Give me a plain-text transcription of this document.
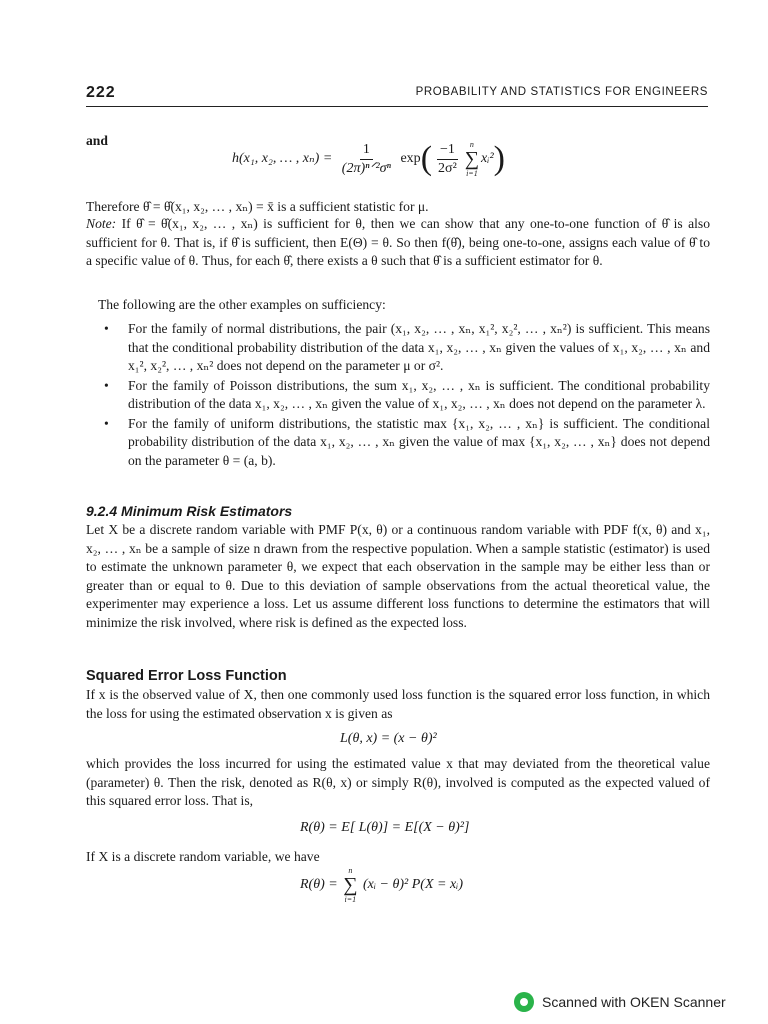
222	PROBABILITY AND STATISTICS FOR ENGINEERS
and
h(x₁, x₂, … , $x_n) = \frac{1}{\text{(2π)ⁿᐟ²σⁿ}} \exp( \frac{-1}{\text{2σ²}}$ n
∑
i=1
xᵢ²)
Therefore θ̂ = θ̂(x₁, x₂, … , xₙ) = x̄ is a sufficient statistic for μ.
Note: If θ̂ = θ̂(x₁, x₂, … , xₙ) is sufficient for θ, then we can show that any one-to-one function of θ̂ is also sufficient for θ. That is, if θ̂ is sufficient, then E(Θ) = θ. So then f(θ̂), being one-to-one, assigns each value of θ̂ to a specific value of θ. Thus, for each θ̂, there exists a θ such that θ̂ is a sufficient estimator for θ.
The following are the other examples on sufficiency:
• For the family of normal distributions, the pair (x₁, x₂, … , xₙ, x₁², x₂², … , xₙ²) is sufficient. This means that the conditional probability distribution of the data x₁, x₂, … , xₙ given the values of x₁, x₂, … , xₙ and x₁², x₂², … , xₙ² does not depend on the parameter μ or σ².
• For the family of Poisson distributions, the sum x₁, x₂, … , xₙ is sufficient. The conditional probability distribution of the data x₁, x₂, … , xₙ given the value of x₁, x₂, … , xₙ does not depend on the parameter λ.
• For the family of uniform distributions, the statistic max {x₁, x₂, … , xₙ} is sufficient. The conditional probability distribution of the data x₁, x₂, … , xₙ given the value of max {x₁, x₂, … , xₙ} does not depend on the parameter θ = (a, b).
9.2.4 Minimum Risk Estimators
Let X be a discrete random variable with PMF P(x, θ) or a continuous random variable with PDF f(x, θ) and x₁, x₂, … , xₙ be a sample of size n drawn from the respective population. When a sample statistic (estimator) is used to estimate the unknown parameter θ, we expect that each observation in the sample may be either less than or greater than or equal to θ. Due to this deviation of sample observations from the actual theoretical value, the experimenter may experience a loss. Let us assume different loss functions to determine the estimators that will minimize the risk involved, where risk is defined as the expected loss.
Squared Error Loss Function
If x is the observed value of X, then one commonly used loss function is the squared error loss function, in which the loss for using the estimated observation x is given as
L(θ, x) = (x − θ)²
which provides the loss incurred for using the estimated value x that may deviated from the theoretical value (parameter) θ. Then the risk, denoted as R(θ, x) or simply R(θ), involved is computed as the expected valued of this squared error loss. That is,
R(θ) = E[ L(θ)] = E[(X − θ)²]
If X is a discrete random variable, we have
R(θ) =
n
∑
i=1
(xᵢ − θ)² P(X = xᵢ)
Scanned with OKEN Scanner
